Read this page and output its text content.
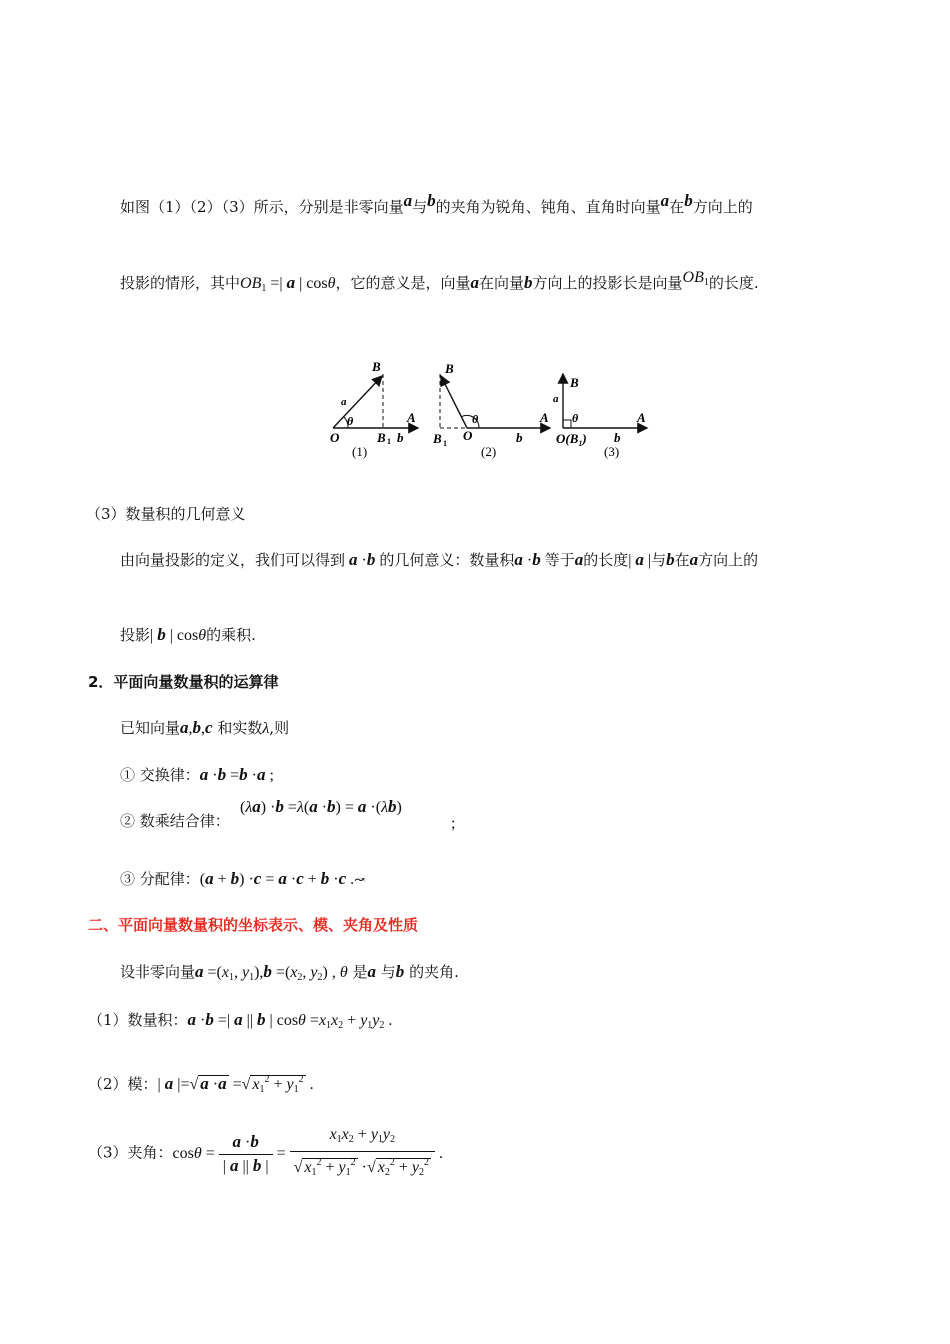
如图（1）（2）（3）所示，分别是非零向量a与b的夹角为锐角、钝角、直角时向量a在b方向上的
投影的情形，其中$OB_1$ =| a | cosθ，它的意义是，向量a在向量b方向上的投影长是向量$OB_1$的长度.
O
B
A
B 1 b
a
θ
(1)
B
A
O
B 1	b
θ
(2)
B
A
a
θ
$O(B_1)$ b
(3)
（3）数量积的几何意义
由向量投影的定义，我们可以得到 a ·b 的几何意义：数量积a ·b 等于a的长度| a |与b在a方向上的
投影| b | cosθ的乘积.
2．平面向量数量积的运算律
已知向量a,b,c 和实数λ,则
① 交换律：a ·b =b ·a ;
(λa) ·b =λ(a ·b) = a ·(λb)
② 数乘结合律：	;
③ 分配律：(a + b) ·c = a ·c + b ·c .↝
二、平面向量数量积的坐标表示、模、夹角及性质
设非零向量$a =(x_1$, $y_1),b =(x_2$, $y_2$) , θ 是a 与b 的夹角.
（1）数量积：a ·b =| a || b | $\cos\theta =x_1x_2 + y_1y_2$ .
（2）模：| a |=√ a ·a =√ $x_1^2 + y_1^2$ .
（3）夹角：$\cos\theta = \frac{a \cdot b}{| a || b |} = \frac{x_1x_2 + y_1y_2}{√ x_1^2 + y_1^2 \cdot√ x_2^2 + y_2^2}$ .
